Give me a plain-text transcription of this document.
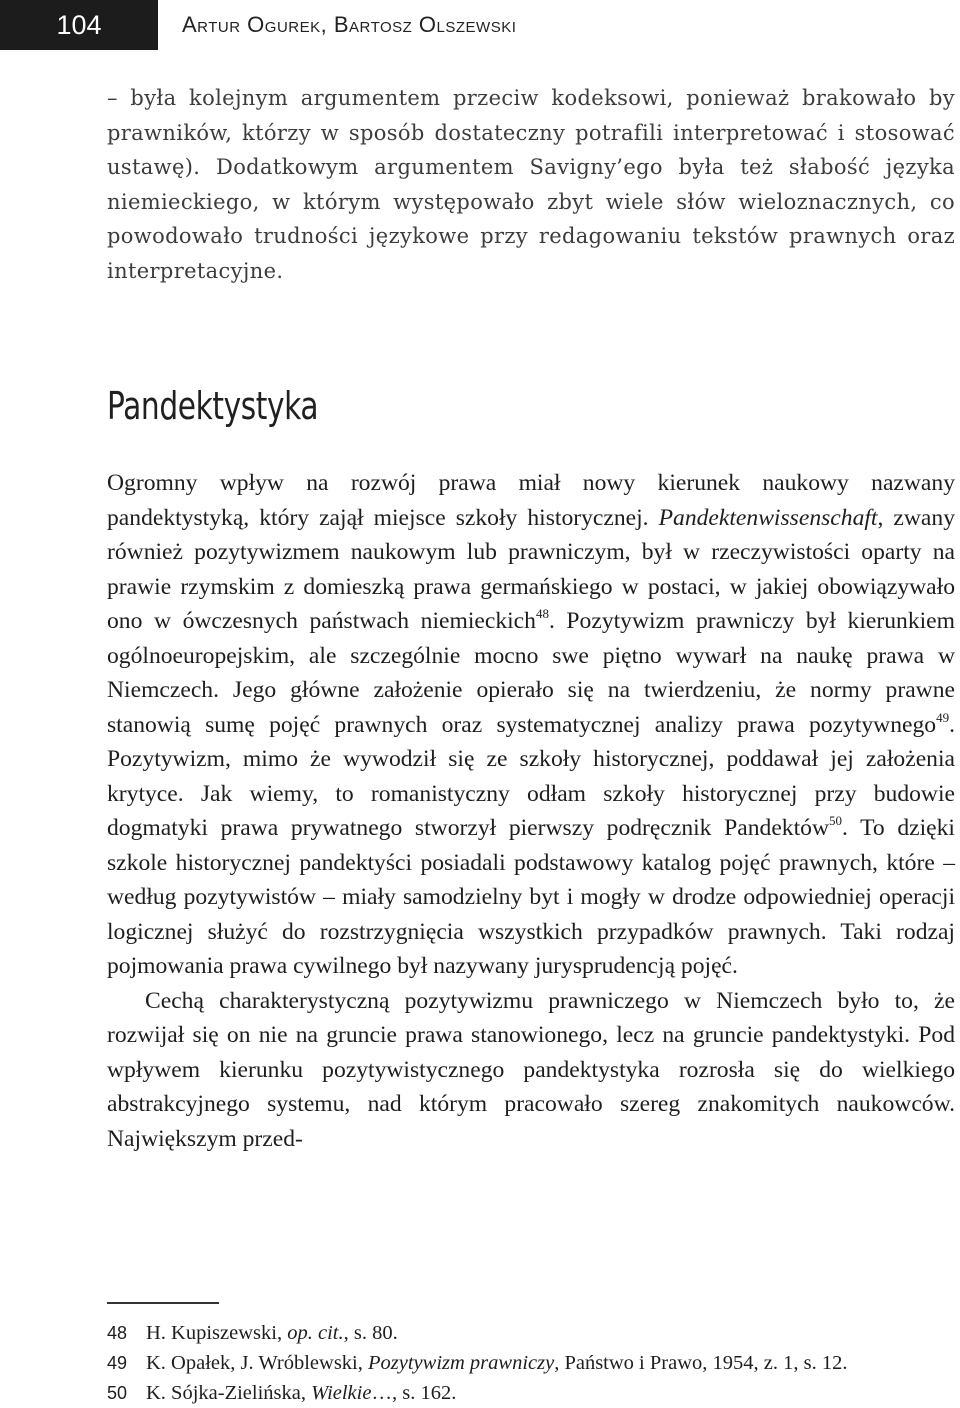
104	Artur Ogurek, Bartosz Olszewski

– była kolejnym argumentem przeciw kodeksowi, ponieważ brakowało by prawników, którzy w sposób dostateczny potrafili interpretować i stosować ustawę). Dodatkowym argumentem Savigny’ego była też słabość języka niemieckiego, w którym występowało zbyt wiele słów wieloznacznych, co powodowało trudności językowe przy redagowaniu tekstów prawnych oraz interpretacyjne.

Pandektystyka

Ogromny wpływ na rozwój prawa miał nowy kierunek naukowy nazwany pandektystyką, który zajął miejsce szkoły historycznej. Pandektenwissenschaft, zwany również pozytywizmem naukowym lub prawniczym, był w rzeczywistości oparty na prawie rzymskim z domieszką prawa germańskiego w postaci, w jakiej obowiązywało ono w ówczesnych państwach niemieckich$^{48}$. Pozytywizm prawniczy był kierunkiem ogólnoeuropejskim, ale szczególnie mocno swe piętno wywarł na naukę prawa w Niemczech. Jego główne założenie opierało się na twierdzeniu, że normy prawne stanowią sumę pojęć prawnych oraz systematycznej analizy prawa pozytywnego$^{49}$. Pozytywizm, mimo że wywodził się ze szkoły historycznej, poddawał jej założenia krytyce. Jak wiemy, to romanistyczny odłam szkoły historycznej przy budowie dogmatyki prawa prywatnego stworzył pierwszy podręcznik Pandektów$^{50}$. To dzięki szkole historycznej pandektyści posiadali podstawowy katalog pojęć prawnych, które – według pozytywistów – miały samodzielny byt i mogły w drodze odpowiedniej operacji logicznej służyć do rozstrzygnięcia wszystkich przypadków prawnych. Taki rodzaj pojmowania prawa cywilnego był nazywany jurysprudencją pojęć.

Cechą charakterystyczną pozytywizmu prawniczego w Niemczech było to, że rozwijał się on nie na gruncie prawa stanowionego, lecz na gruncie pandektystyki. Pod wpływem kierunku pozytywistycznego pandektystyka rozrosła się do wielkiego abstrakcyjnego systemu, nad którym pracowało szereg znakomitych naukowców. Największym przed-

48 H. Kupiszewski, op. cit., s. 80.
49 K. Opałek, J. Wróblewski, Pozytywizm prawniczy, Państwo i Prawo, 1954, z. 1, s. 12.
50 K. Sójka-Zielińska, Wielkie…, s. 162.
